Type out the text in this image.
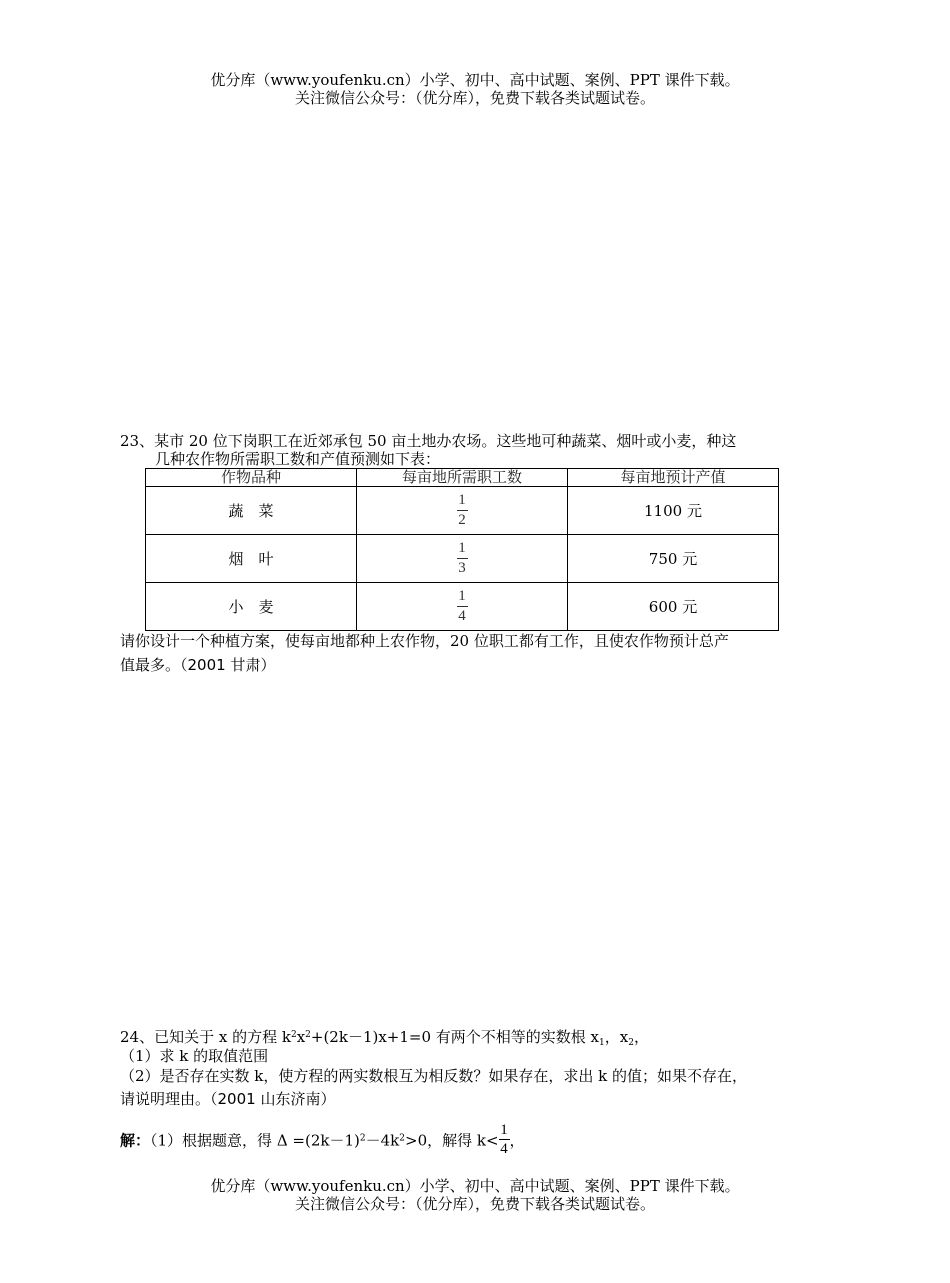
优分库（www.youfenku.cn）小学、初中、高中试题、案例、PPT 课件下载。
关注微信公众号：（优分库），免费下载各类试题试卷。
23、某市 20 位下岗职工在近郊承包 50 亩土地办农场。这些地可种蔬菜、烟叶或小麦，种这
几种农作物所需职工数和产值预测如下表：
作物品种	每亩地所需职工数	每亩地预计产值
蔬　菜	$\frac{1}{2}$	1100 元
烟　叶	$\frac{1}{3}$	750 元
小　麦	$\frac{1}{4}$	600 元
请你设计一个种植方案，使每亩地都种上农作物，20 位职工都有工作，且使农作物预计总产
值最多。（2001 甘肃）
24、已知关于 x 的方程 $k^2x^2+(2k-1)x+1=0$ 有两个不相等的实数根 $x_1$，$x_2$，
（1）求 k 的取值范围
（2）是否存在实数 k，使方程的两实数根互为相反数？如果存在，求出 k 的值；如果不存在，
请说明理由。（2001 山东济南）
解：（1）根据题意，得 $\Delta =(2k-1)^2-4k^2>0$，解得 $k< \frac{1}{4}$ ，
优分库（www.youfenku.cn）小学、初中、高中试题、案例、PPT 课件下载。
关注微信公众号：（优分库），免费下载各类试题试卷。
